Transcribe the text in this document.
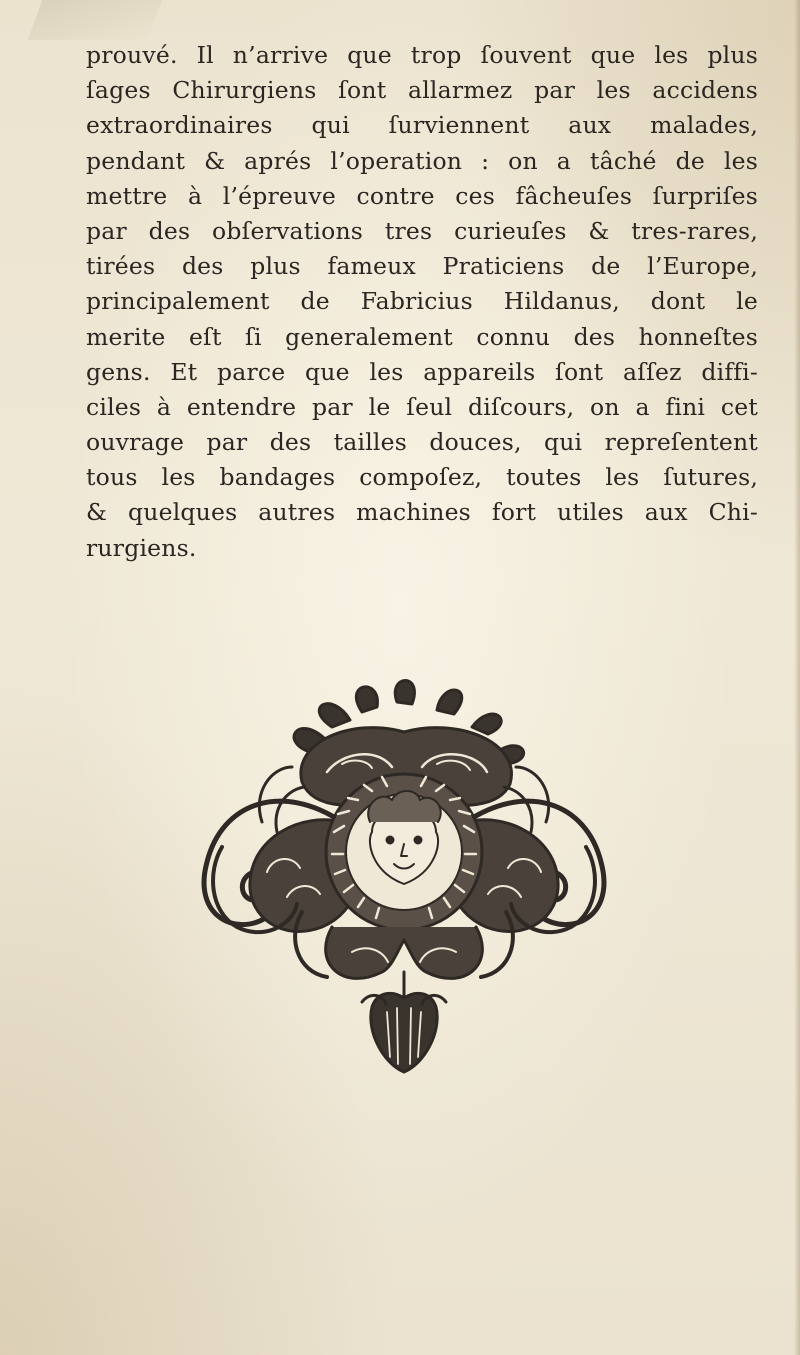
prouvé. Il n’arrive que trop ſouvent que les plus
ſages Chirurgiens ſont allarmez par les accidens
extraordinaires qui ſurviennent aux malades,
pendant & aprés l’operation : on a tâché de les
mettre à l’épreuve contre ces fâcheuſes ſurpriſes
par des obſervations tres curieuſes & tres-rares,
tirées des plus fameux Praticiens de l’Europe,
principalement de Fabricius Hildanus, dont le
merite eſt ſi generalement connu des honneſtes
gens. Et parce que les appareils ſont aſſez diffi-
ciles à entendre par le ſeul diſcours, on a fini cet
ouvrage par des tailles douces, qui repreſentent
tous les bandages compoſez, toutes les ſutures,
& quelques autres machines fort utiles aux Chi-
rurgiens.
